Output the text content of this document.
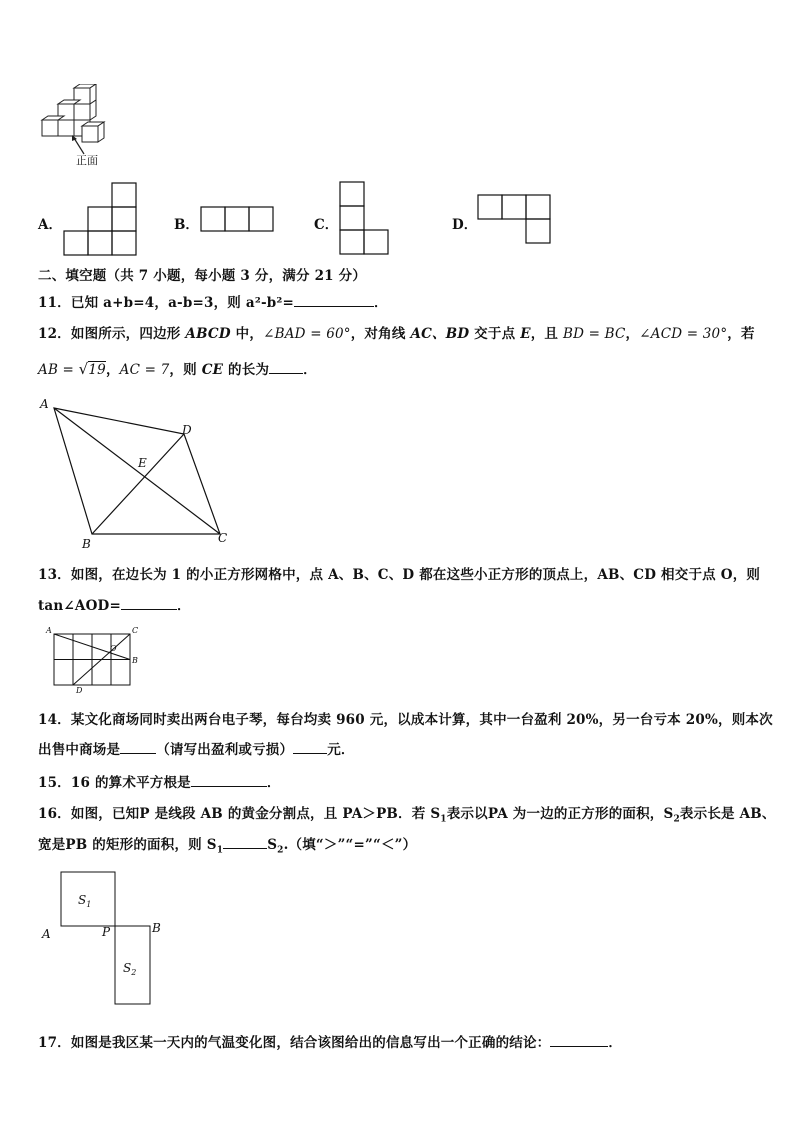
正面
A．	B．	C．	D．
二、填空题（共 7 小题，每小题 3 分，满分 21 分）
11．已知 a+b=4，a-b=3，则 a²-b²=	．
12．如图所示，四边形 ABCD 中，∠BAD = 60°，对角线 AC、BD 交于点 E，且 BD = BC，∠ACD = 30°，若
AB = √19，AC = 7，则 CE 的长为	．
A
D
E
B	C
13．如图，在边长为 1 的小正方形网格中，点 A、B、C、D 都在这些小正方形的顶点上，AB、CD 相交于点 O，则
tan∠AOD=	．
A	C
O
B
D
14．某文化商场同时卖出两台电子琴，每台均卖 960 元，以成本计算，其中一台盈利 20%，另一台亏本 20%，则本次
出售中商场是	（请写出盈利或亏损）	元．
15．16 的算术平方根是	．
16．如图，已知P 是线段 AB 的黄金分割点，且 PA＞PB．若 $S_1$表示以PA 为一边的正方形的面积，$S_2$表示长是 AB、
宽是PB 的矩形的面积，则 $S_1$	$S_2$.（填“＞”“=”“＜”）
$S_1$
$S_2$
A	P	B
17．如图是我区某一天内的气温变化图，结合该图给出的信息写出一个正确的结论：	．
